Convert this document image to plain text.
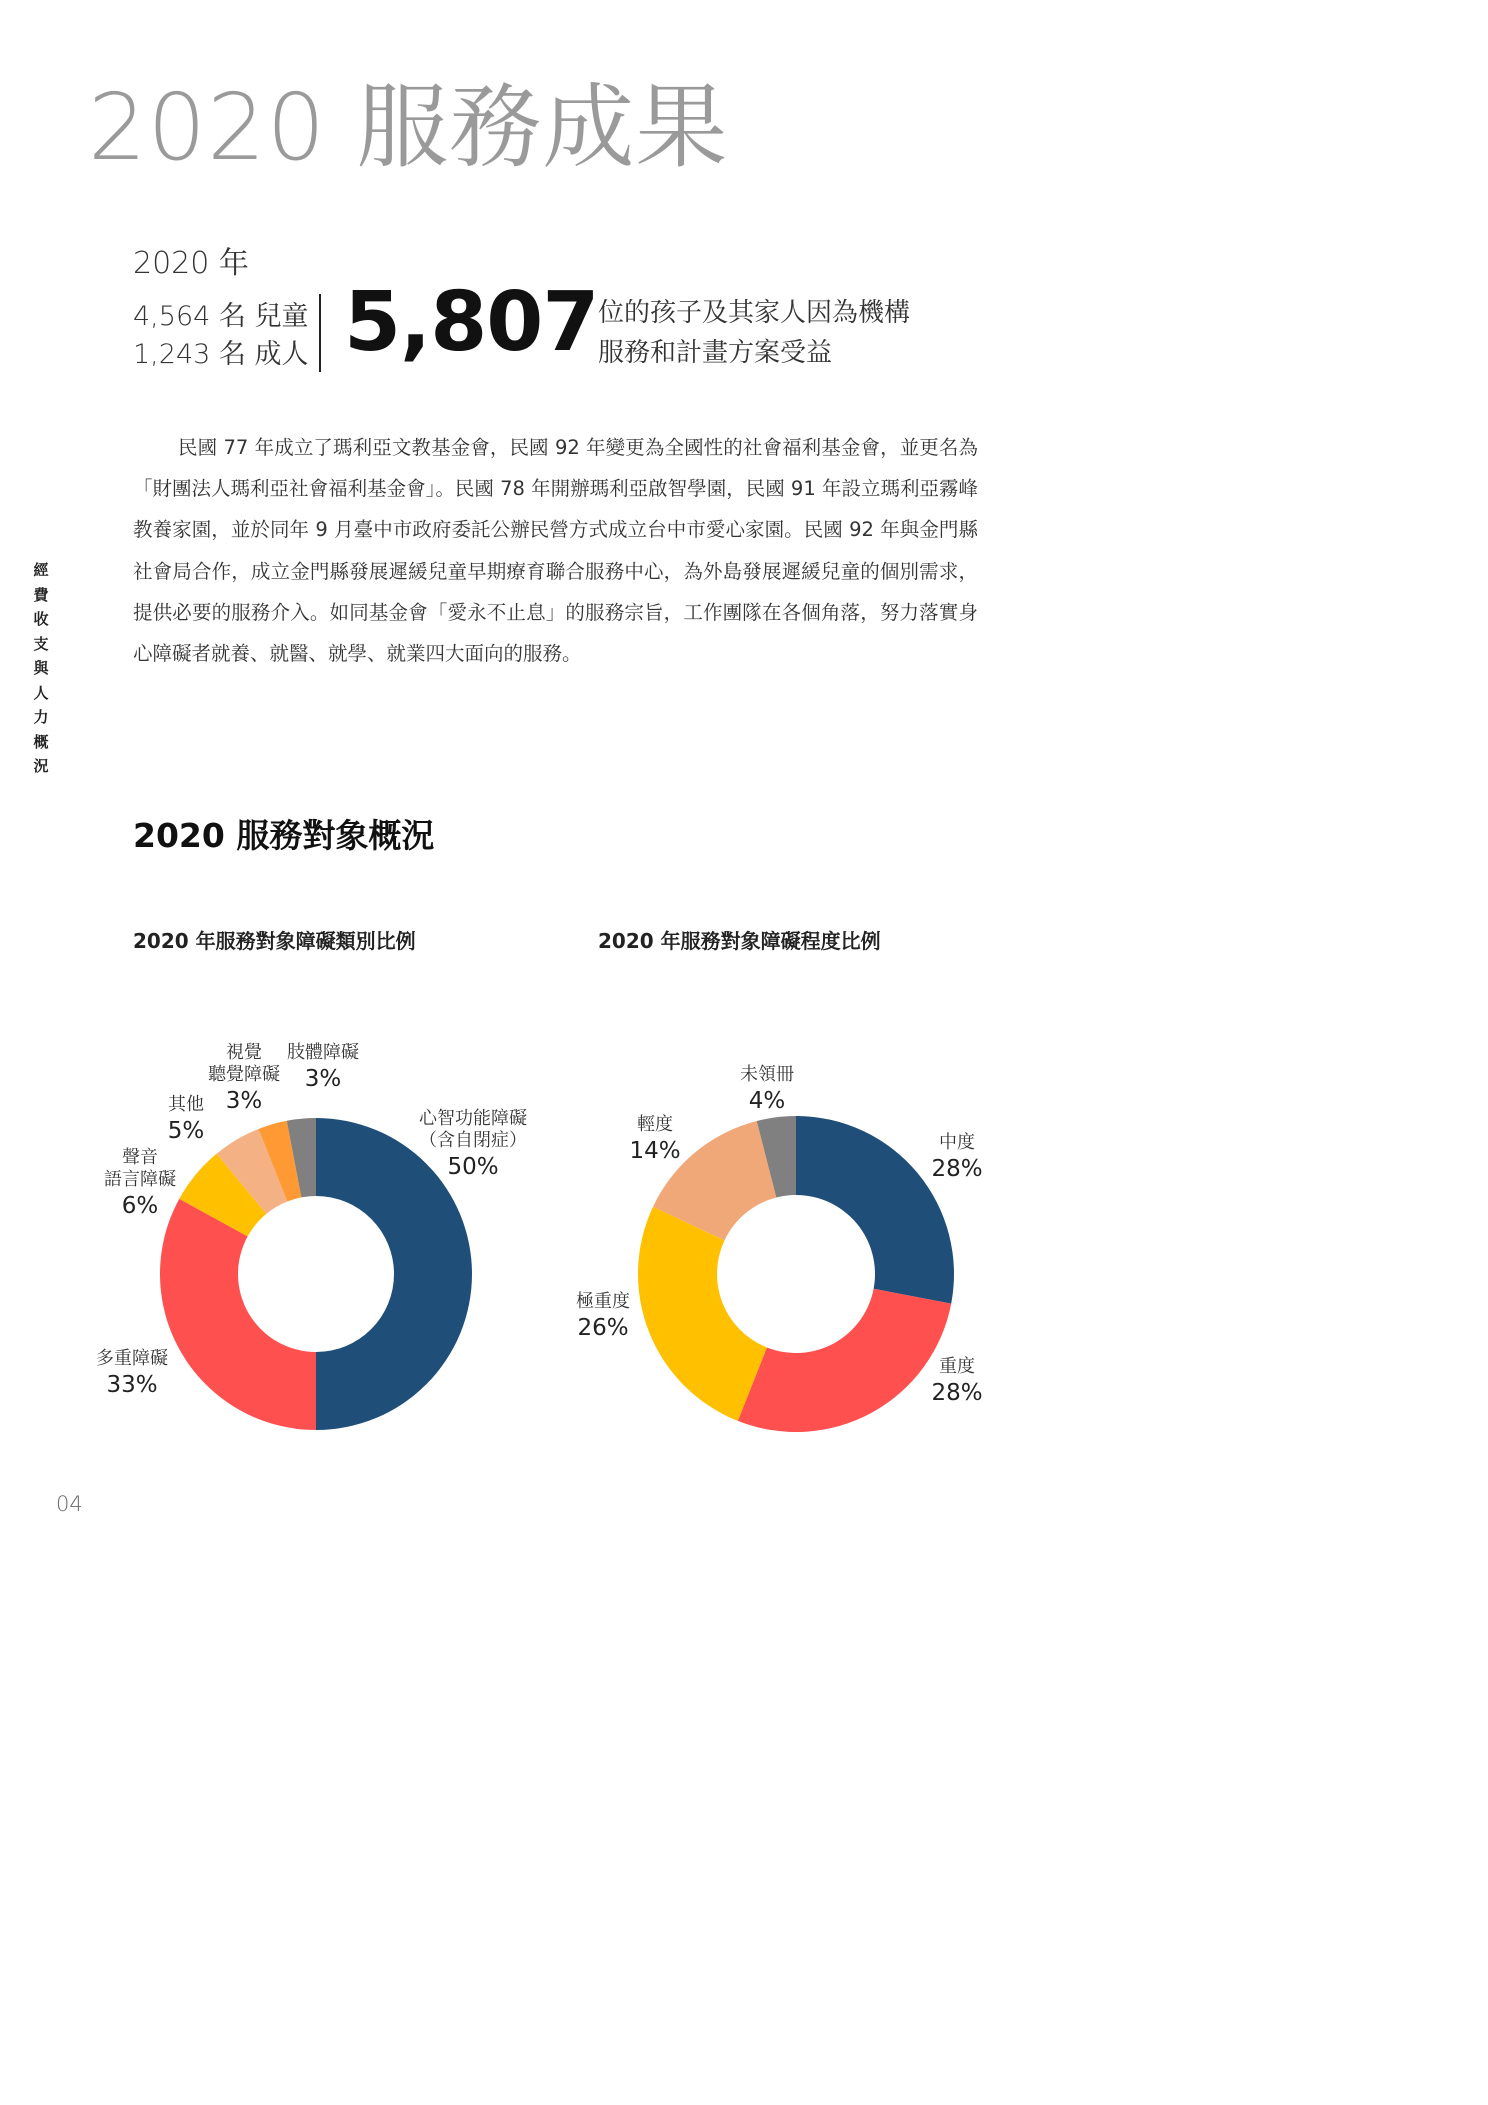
2020 服務成果
2020 年
4,564 名 兒童
1,243 名 成人 5,807 位的孩子及其家人因為機構
服務和計畫方案受益
民國 77 年成立了瑪利亞文教基金會，民國 92 年變更為全國性的社會福利基金會，並更名為「財團法人瑪利亞社會福利基金會」。民國 78 年開辦瑪利亞啟智學園，民國 91 年設立瑪利亞霧峰教養家園，並於同年 9 月臺中市政府委託公辦民營方式成立台中市愛心家園。民國 92 年與金門縣社會局合作，成立金門縣發展遲緩兒童早期療育聯合服務中心，為外島發展遲緩兒童的個別需求，提供必要的服務介入。如同基金會「愛永不止息」的服務宗旨，工作團隊在各個角落，努力落實身心障礙者就養、就醫、就學、就業四大面向的服務。
經費收支與人力概況
2020 服務對象概況
2020 年服務對象障礙類別比例	2020 年服務對象障礙程度比例
心智功能障礙
（含自閉症）
50%
多重障礙
33%
聲音
語言障礙
6%
其他
5%
視覺
聽覺障礙
3%
肢體障礙
3%
中度
28%
重度
28%
極重度
26%
輕度
14%
未領冊
4%
04
